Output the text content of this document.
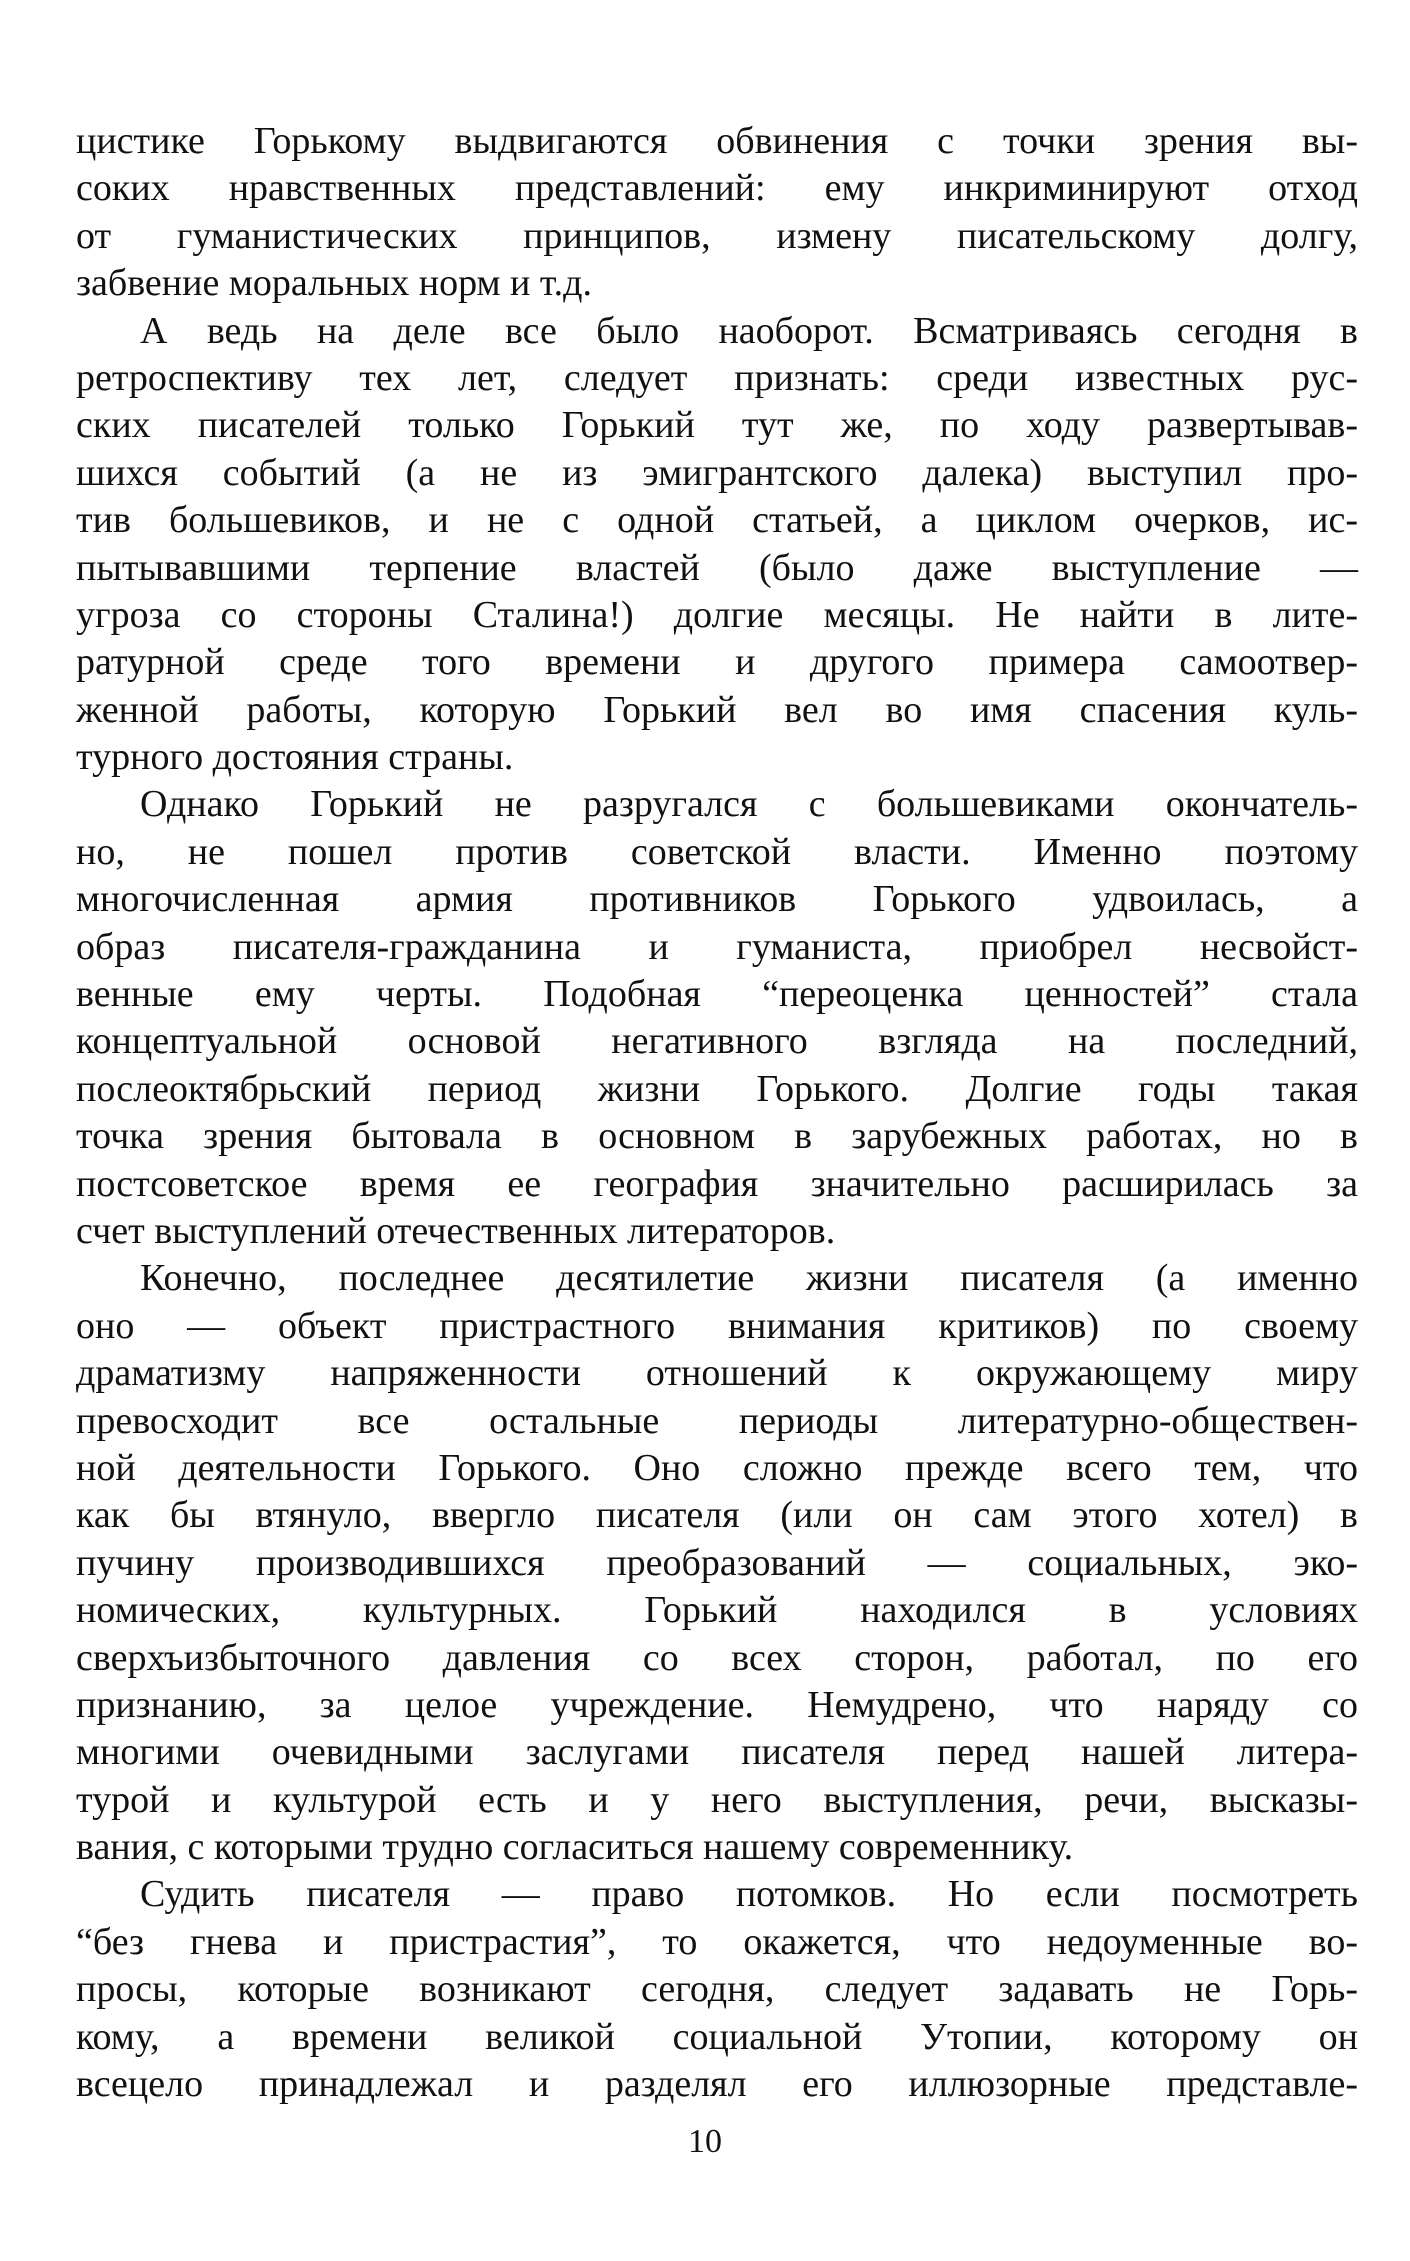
цистике Горькому выдвигаются обвинения с точки зрения вы-
соких нравственных представлений: ему инкриминируют отход
от гуманистических принципов, измену писательскому долгу,
забвение моральных норм и т.д.
А ведь на деле все было наоборот. Всматриваясь сегодня в
ретроспективу тех лет, следует признать: среди известных рус-
ских писателей только Горький тут же, по ходу развертывав-
шихся событий (а не из эмигрантского далека) выступил про-
тив большевиков, и не с одной статьей, а циклом очерков, ис-
пытывавшими терпение властей (было даже выступление —
угроза со стороны Сталина!) долгие месяцы. Не найти в лите-
ратурной среде того времени и другого примера самоотвер-
женной работы, которую Горький вел во имя спасения куль-
турного достояния страны.
Однако Горький не разругался с большевиками окончатель-
но, не пошел против советской власти. Именно поэтому
многочисленная армия противников Горького удвоилась, а
образ писателя-гражданина и гуманиста, приобрел несвойст-
венные ему черты. Подобная “переоценка ценностей” стала
концептуальной основой негативного взгляда на последний,
послеоктябрьский период жизни Горького. Долгие годы такая
точка зрения бытовала в основном в зарубежных работах, но в
постсоветское время ее география значительно расширилась за
счет выступлений отечественных литераторов.
Конечно, последнее десятилетие жизни писателя (а именно
оно — объект пристрастного внимания критиков) по своему
драматизму напряженности отношений к окружающему миру
превосходит все остальные периоды литературно-обществен-
ной деятельности Горького. Оно сложно прежде всего тем, что
как бы втянуло, ввергло писателя (или он сам этого хотел) в
пучину производившихся преобразований — социальных, эко-
номических, культурных. Горький находился в условиях
сверхъизбыточного давления со всех сторон, работал, по его
признанию, за целое учреждение. Немудрено, что наряду со
многими очевидными заслугами писателя перед нашей литера-
турой и культурой есть и у него выступления, речи, высказы-
вания, с которыми трудно согласиться нашему современнику.
Судить писателя — право потомков. Но если посмотреть
“без гнева и пристрастия”, то окажется, что недоуменные во-
просы, которые возникают сегодня, следует задавать не Горь-
кому, а времени великой социальной Утопии, которому он
всецело принадлежал и разделял его иллюзорные представле-
10
